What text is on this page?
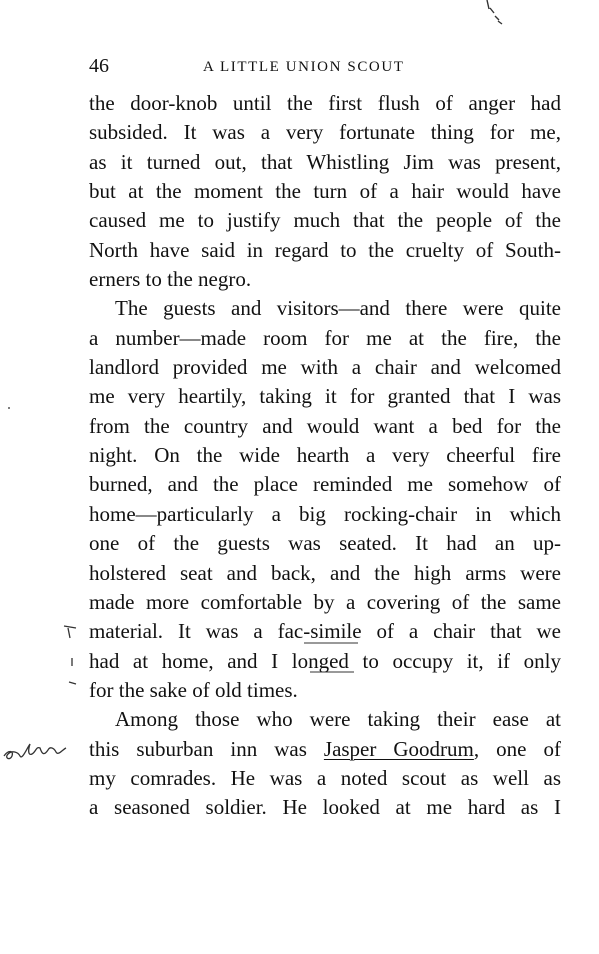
46	A LITTLE UNION SCOUT
the door-knob until the first flush of anger had
subsided. It was a very fortunate thing for me,
as it turned out, that Whistling Jim was present,
but at the moment the turn of a hair would have
caused me to justify much that the people of the
North have said in regard to the cruelty of South-
erners to the negro.
The guests and visitors—and there were quite
a number—made room for me at the fire, the
landlord provided me with a chair and welcomed
me very heartily, taking it for granted that I was
from the country and would want a bed for the
night. On the wide hearth a very cheerful fire
burned, and the place reminded me somehow of
home—particularly a big rocking-chair in which
one of the guests was seated. It had an up-
holstered seat and back, and the high arms were
made more comfortable by a covering of the same
material. It was a fac-simile of a chair that we
had at home, and I longed to occupy it, if only
for the sake of old times.
Among those who were taking their ease at
this suburban inn was Jasper Goodrum, one of
my comrades. He was a noted scout as well as
a seasoned soldier. He looked at me hard as I
